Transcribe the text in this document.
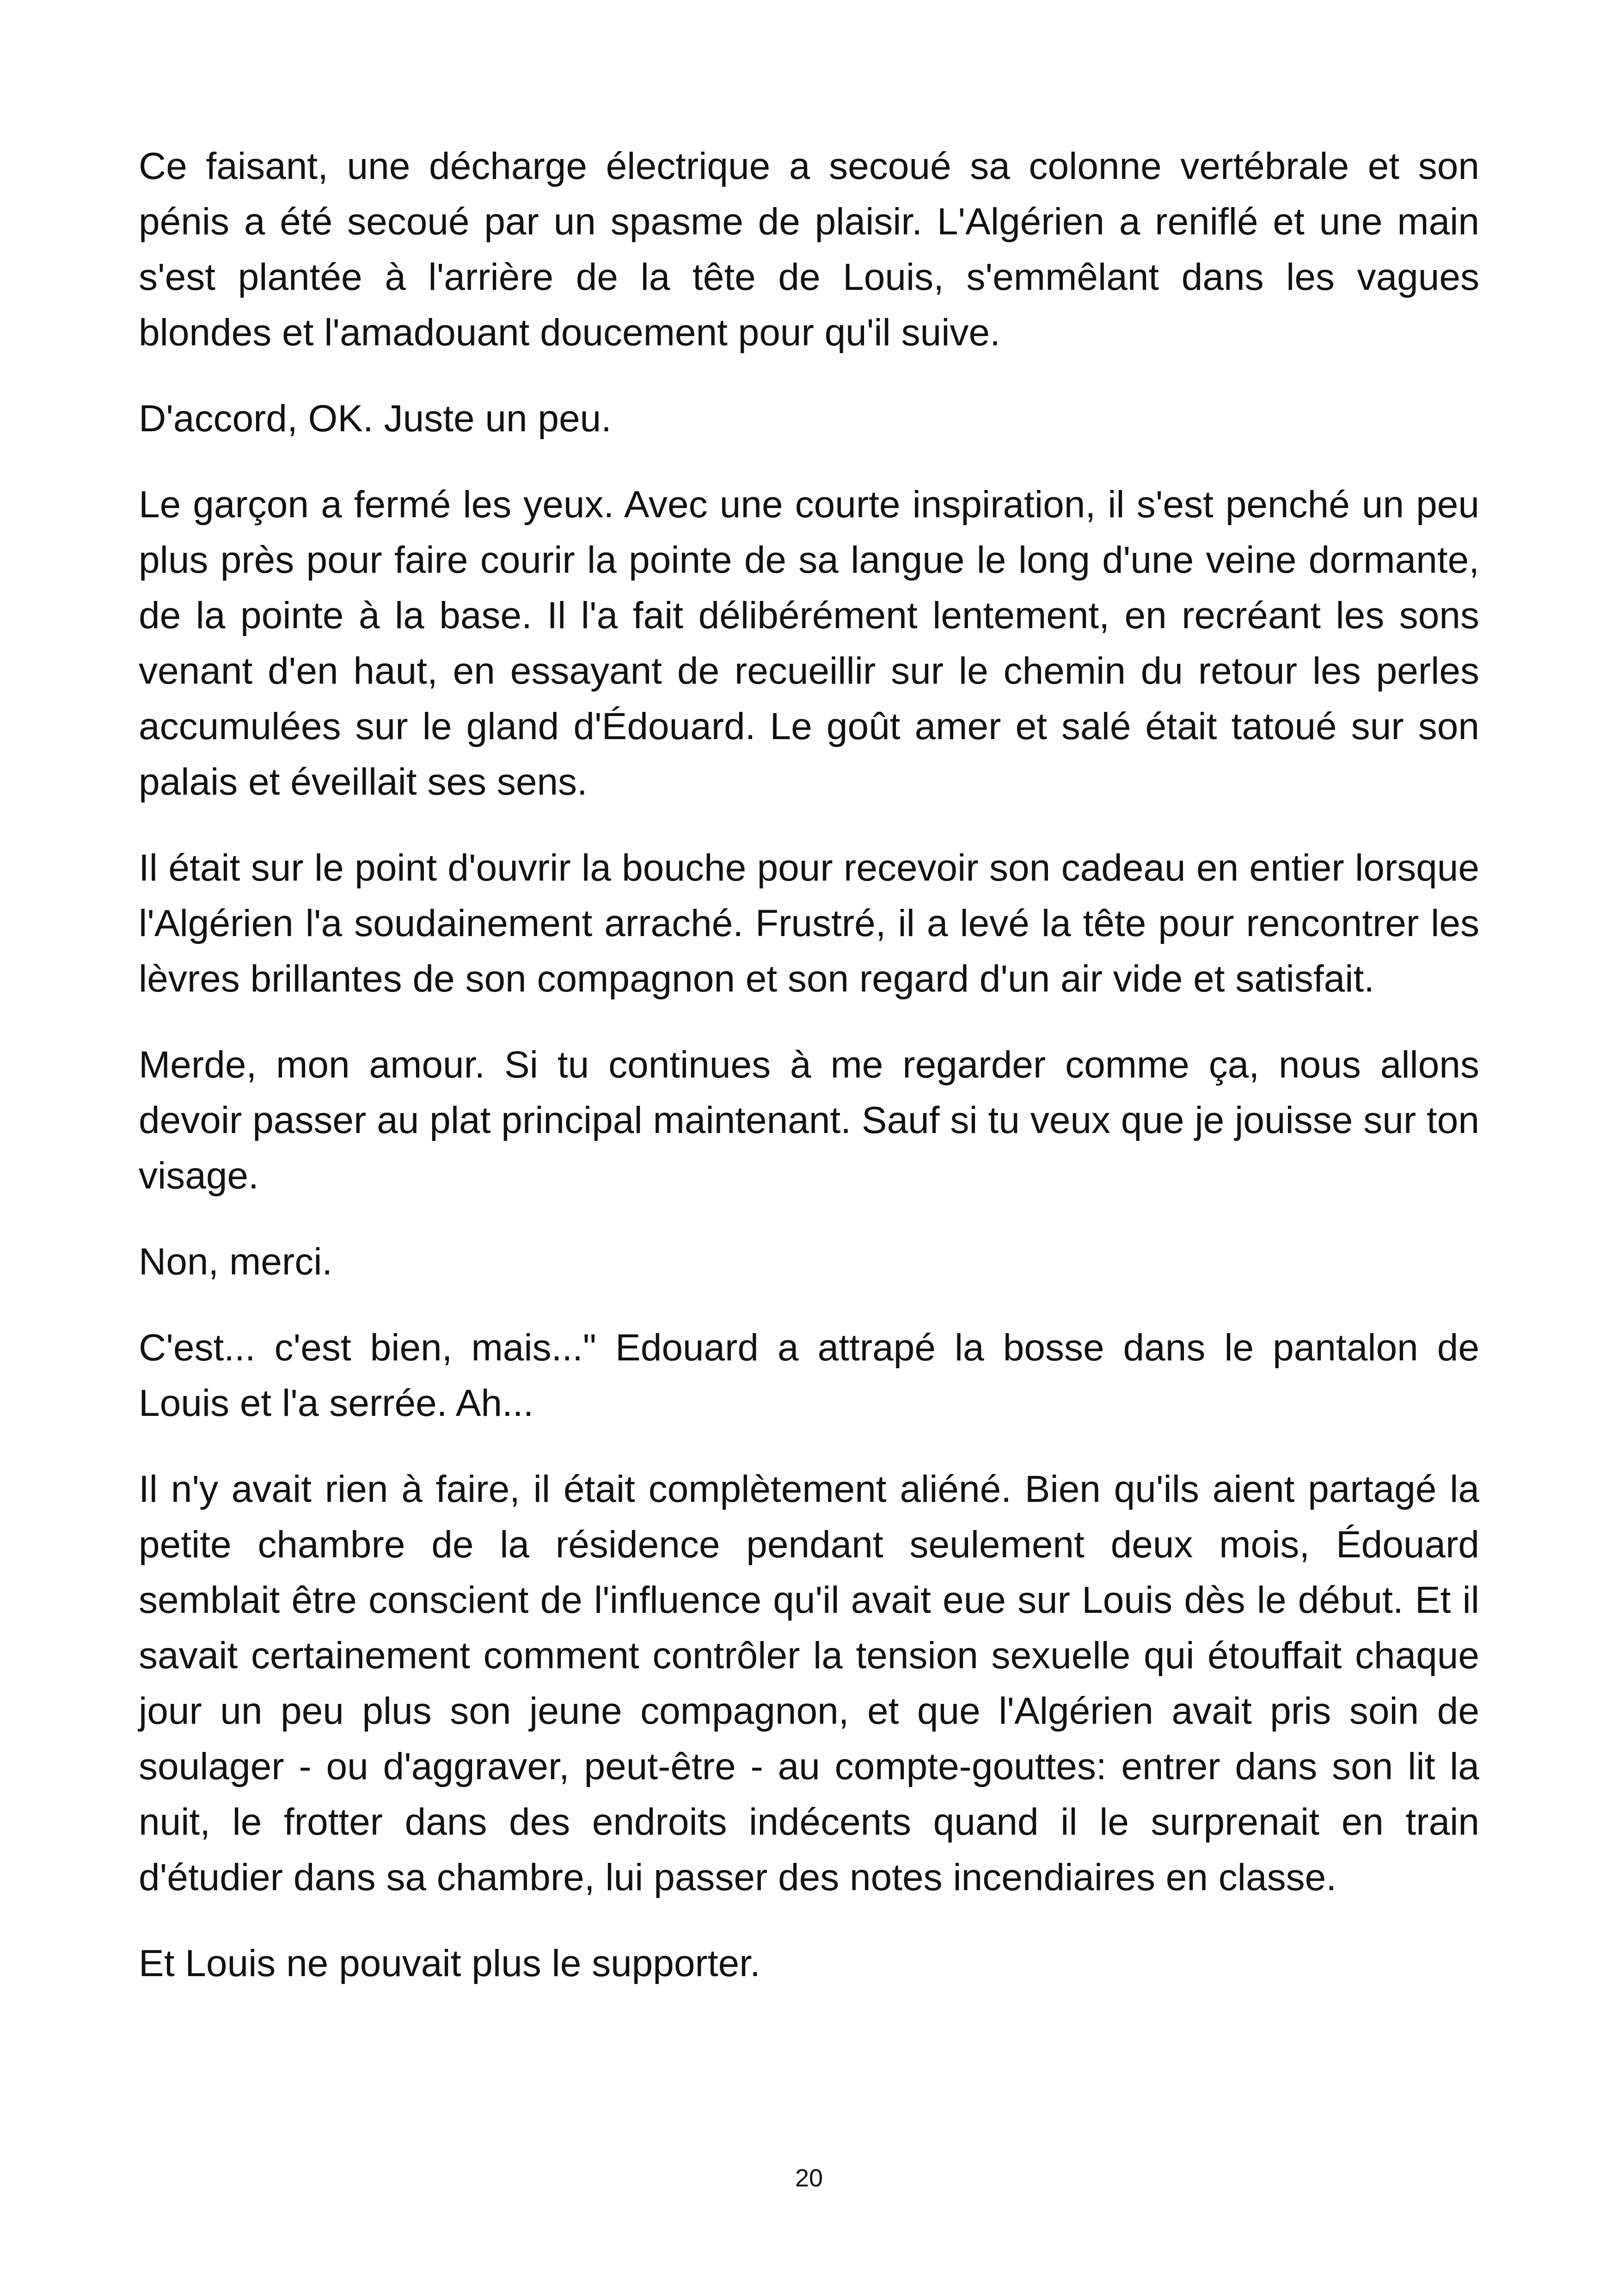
Ce faisant, une décharge électrique a secoué sa colonne vertébrale et son pénis a été secoué par un spasme de plaisir. L'Algérien a reniflé et une main s'est plantée à l'arrière de la tête de Louis, s'emmêlant dans les vagues blondes et l'amadouant doucement pour qu'il suive.

D'accord, OK. Juste un peu.

Le garçon a fermé les yeux. Avec une courte inspiration, il s'est penché un peu plus près pour faire courir la pointe de sa langue le long d'une veine dormante, de la pointe à la base. Il l'a fait délibérément lentement, en recréant les sons venant d'en haut, en essayant de recueillir sur le chemin du retour les perles accumulées sur le gland d'Édouard. Le goût amer et salé était tatoué sur son palais et éveillait ses sens.

Il était sur le point d'ouvrir la bouche pour recevoir son cadeau en entier lorsque l'Algérien l'a soudainement arraché. Frustré, il a levé la tête pour rencontrer les lèvres brillantes de son compagnon et son regard d'un air vide et satisfait.

Merde, mon amour. Si tu continues à me regarder comme ça, nous allons devoir passer au plat principal maintenant. Sauf si tu veux que je jouisse sur ton visage.

Non, merci.

C'est... c'est bien, mais..." Edouard a attrapé la bosse dans le pantalon de Louis et l'a serrée. Ah...

Il n'y avait rien à faire, il était complètement aliéné. Bien qu'ils aient partagé la petite chambre de la résidence pendant seulement deux mois, Édouard semblait être conscient de l'influence qu'il avait eue sur Louis dès le début. Et il savait certainement comment contrôler la tension sexuelle qui étouffait chaque jour un peu plus son jeune compagnon, et que l'Algérien avait pris soin de soulager - ou d'aggraver, peut-être - au compte-gouttes: entrer dans son lit la nuit, le frotter dans des endroits indécents quand il le surprenait en train d'étudier dans sa chambre, lui passer des notes incendiaires en classe.

Et Louis ne pouvait plus le supporter.

20
